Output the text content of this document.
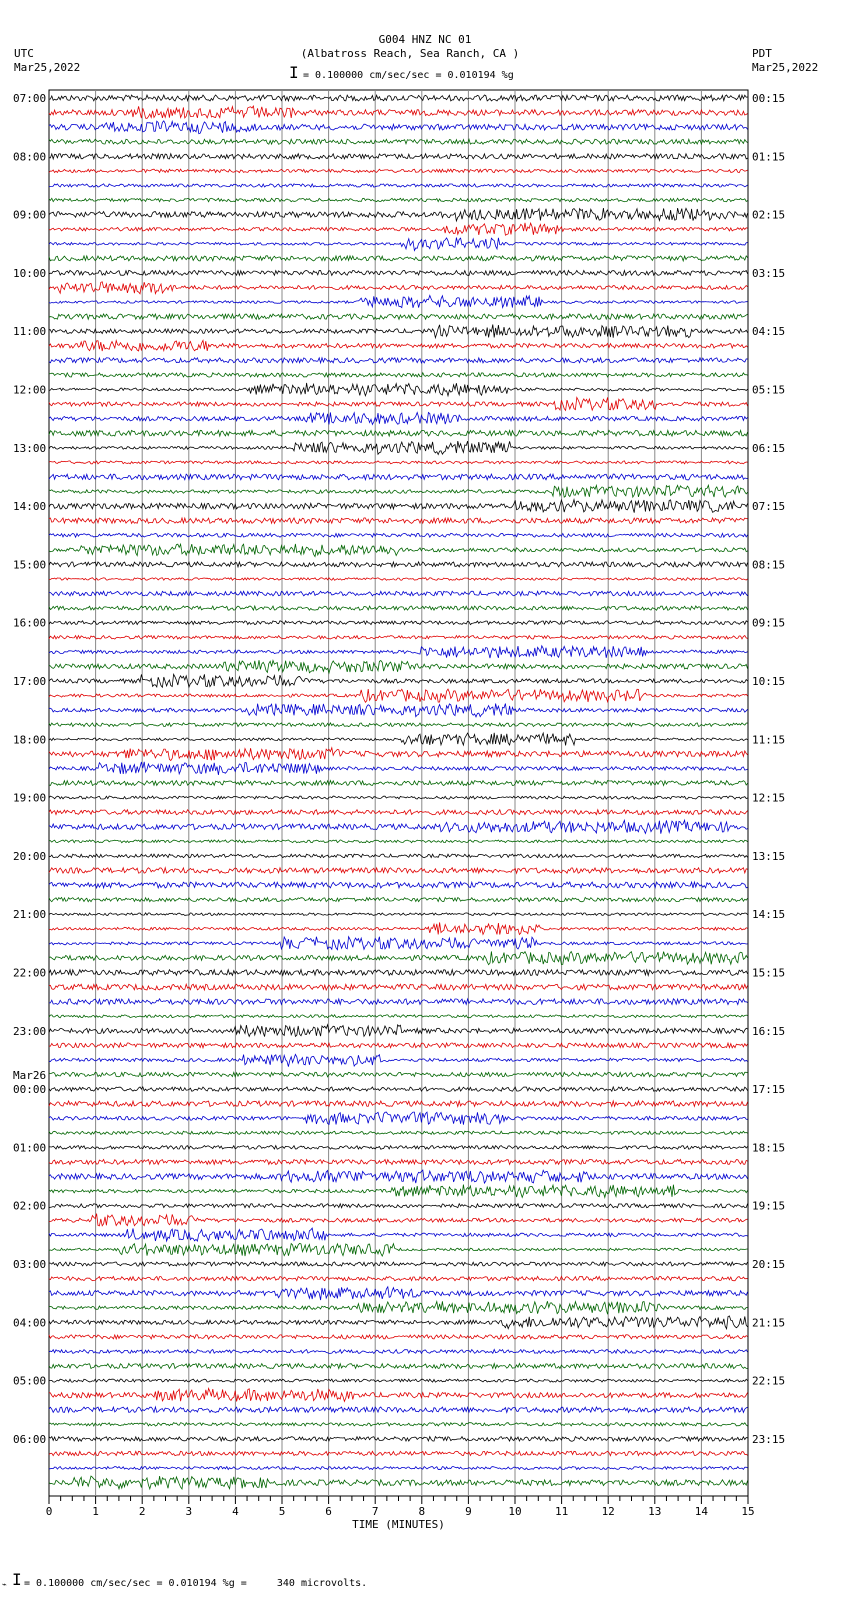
G004 HNZ NC 01
(Albatross Reach, Sea Ranch, CA )
UTC
Mar25,2022
PDT
Mar25,2022
I = 0.100000 cm/sec/sec = 0.010194 %g
07:00	00:15
08:00	01:15
09:00	02:15
10:00	03:15
11:00	04:15
12:00	05:15
13:00	06:15
14:00	07:15
15:00	08:15
16:00	09:15
17:00	10:15
18:00	11:15
19:00	12:15
20:00	13:15
21:00	14:15
22:00	15:15
23:00	16:15
Mar26
00:00	17:15
01:00	18:15
02:00	19:15
03:00	20:15
04:00	21:15
05:00	22:15
06:00	23:15
0	1	2	3	4	5	6	7	8	9	10	11	12	13	14	15
TIME (MINUTES)
⌁ I = 0.100000 cm/sec/sec = 0.010194 %g =     340 microvolts.
